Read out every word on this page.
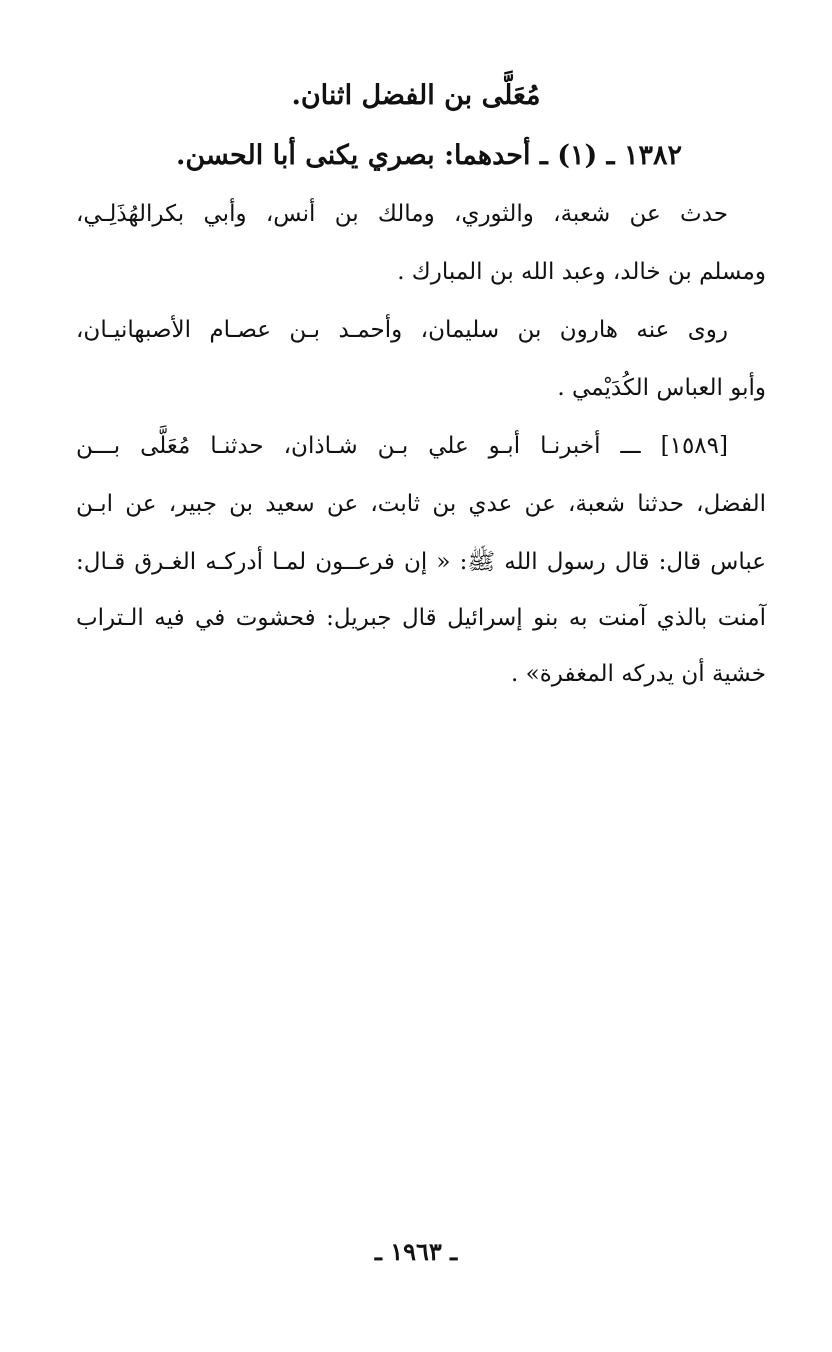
مُعَلَّى بن الفضل اثنان.
١٣٨٢ ـ (١) ـ أحدهما: بصري يكنى أبا الحسن.
حدث عن شعبة، والثوري، ومالك بن أنس، وأبي بكرالهُذَلِـي،
ومسلم بن خالد، وعبد الله بن المبارك .
روى عنه هارون بن سليمان، وأحمـد بـن عصـام الأصبهانيـان،
وأبو العباس الكُدَيْمي .
[١٥٨٩] ـــ أخبرنـا أبـو علي بـن شـاذان، حدثنـا مُعَلَّى بـــن
الفضل، حدثنا شعبة، عن عدي بن ثابت، عن سعيد بن جبير، عن ابـن
عباس قال: قال رسول الله ﷺ: « إن فرعــون لمـا أدركـه الغـرق قـال:
آمنت بالذي آمنت به بنو إسرائيل قال جبريل: فحشوت في فيه الـتراب
خشية أن يدركه المغفرة» .
ـ ١٩٦٣ ـ
